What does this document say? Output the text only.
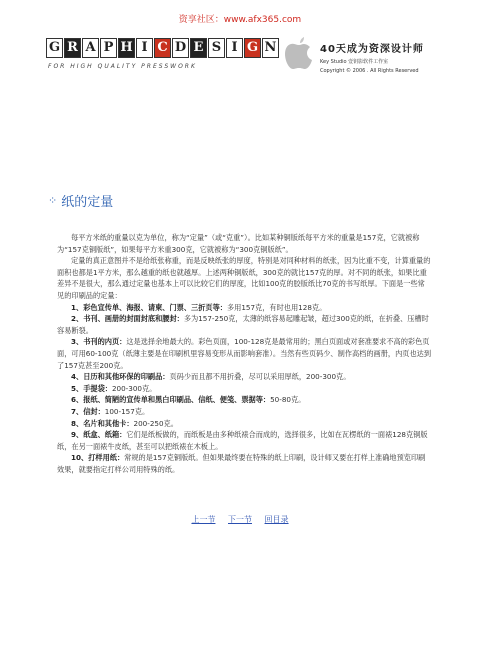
资享社区：www.afx365.com
G R A P H I C D E S I G N
FOR HIGH QUALITY PRESSWORK
40天成为资深设计师
Key Studio 壹钥影软件工作室
Copyright © 2006 . All Rights Reserved
⁘ 纸的定量

每平方米纸的重量以克为单位，称为“定量”（或“克重”）。比如某种铜版纸每平方米的重量是157克，它就被称为“157克铜版纸”，如果每平方米重300克，它就被称为“300克铜版纸”。

定量的真正意图并不是给纸张称重，而是反映纸张的厚度，特别是对同种材料的纸张，因为比重不变，计算重量的面积也都是1平方米，那么越重的纸也就越厚。上述两种铜版纸，300克的就比157克的厚。对不同的纸张，如果比重差异不是很大，那么通过定量也基本上可以比较它们的厚度，比如100克的胶版纸比70克的书写纸厚。下面是一些常见的印刷品的定量：

1、彩色宣传单、海报、请柬、门票、三折页等：多用157克，有时也用128克。

2、书刊、画册的封面封底和腰封：多为157-250克，太薄的纸容易起雕起皱，超过300克的纸，在折叠、压槽时容易断裂。

3、书刊的内页：这是选择余地最大的。彩色页面，100-128克是最常用的；黑白页面或对套准要求不高的彩色页面，可用60-100克（纸薄主要是在印刷机里容易变形从而影响套准）。当然有些页码少、制作高档的画册，内页也达到了157克甚至200克。

4、日历和其他环保的印刷品：页码少而且都不用折叠，尽可以采用厚纸，200-300克。

5、手提袋：200-300克。

6、报纸、简陋的宣传单和黑白印刷品、信纸、便笺、票据等：50-80克。

7、信封：100-157克。

8、名片和其他卡：200-250克。

9、纸盒、纸箱：它们是纸板做的，而纸板是由多种纸裱合而成的，选择很多，比如在瓦楞纸的一面裱128克铜版纸，在另一面裱牛皮纸，甚至可以把纸裱在木板上。

10、打样用纸：常规的是157克铜版纸。但如果最终要在特殊的纸上印刷，设计师又要在打样上准确地预览印刷效果，就要指定打样公司用特殊的纸。

上一节 下一节 回目录
